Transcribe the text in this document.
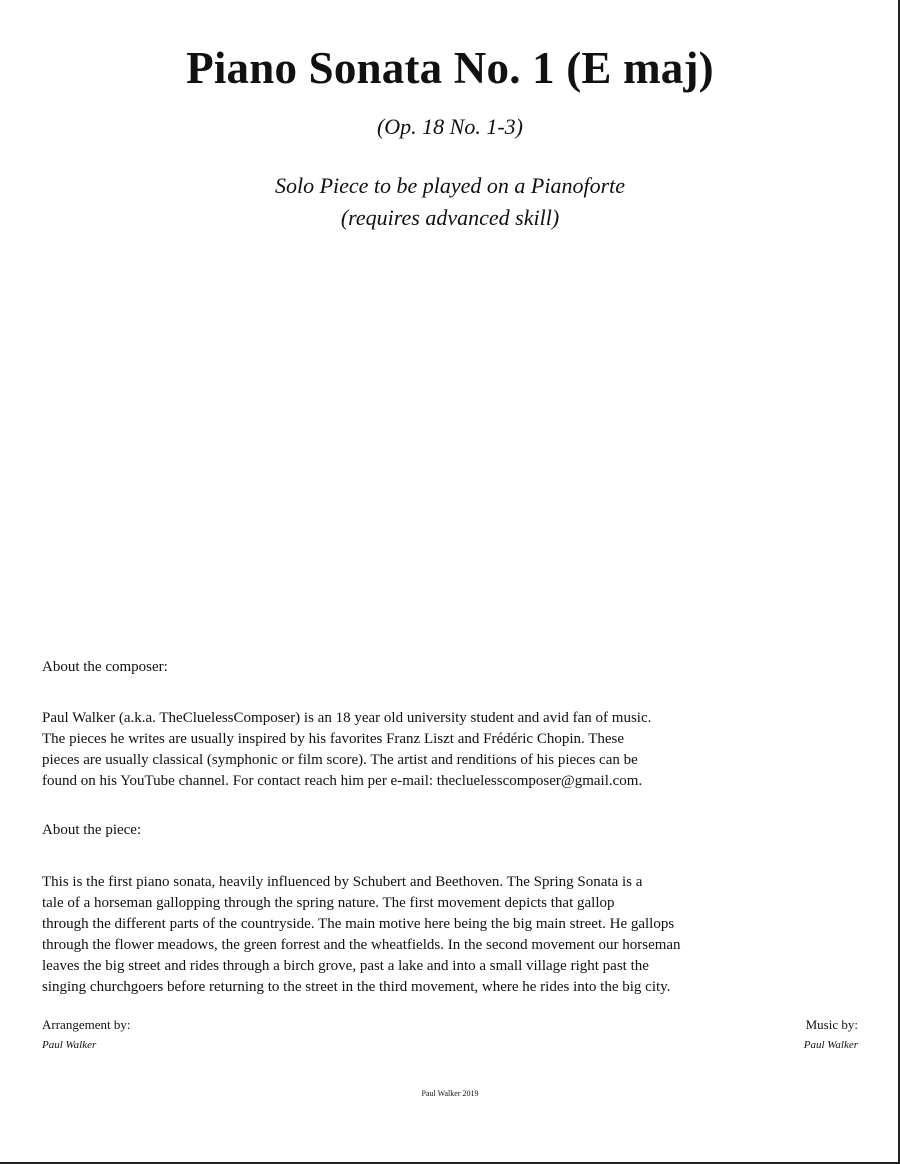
Piano Sonata No. 1 (E maj)
(Op. 18 No. 1-3)
Solo Piece to be played on a Pianoforte
(requires advanced skill)
About the composer:

Paul Walker (a.k.a. TheCluelessComposer) is an 18 year old university student and avid fan of music.

The pieces he writes are usually inspired by his favorites Franz Liszt and Frédéric Chopin. These

pieces are usually classical (symphonic or film score). The artist and renditions of his pieces can be

found on his YouTube channel. For contact reach him per e-mail: thecluelesscomposer@gmail.com.

About the piece:

This is the first piano sonata, heavily influenced by Schubert and Beethoven. The Spring Sonata is a

tale of a horseman gallopping through the spring nature. The first movement depicts that gallop

through the different parts of the countryside. The main motive here being the big main street. He gallops

through the flower meadows, the green forrest and the wheatfields. In the second movement our horseman

leaves the big street and rides through a birch grove, past a lake and into a small village right past the

singing churchgoers before returning to the street in the third movement, where he rides into the big city.

Arrangement by:
Paul Walker
Music by:
Paul Walker
Paul Walker 2019
